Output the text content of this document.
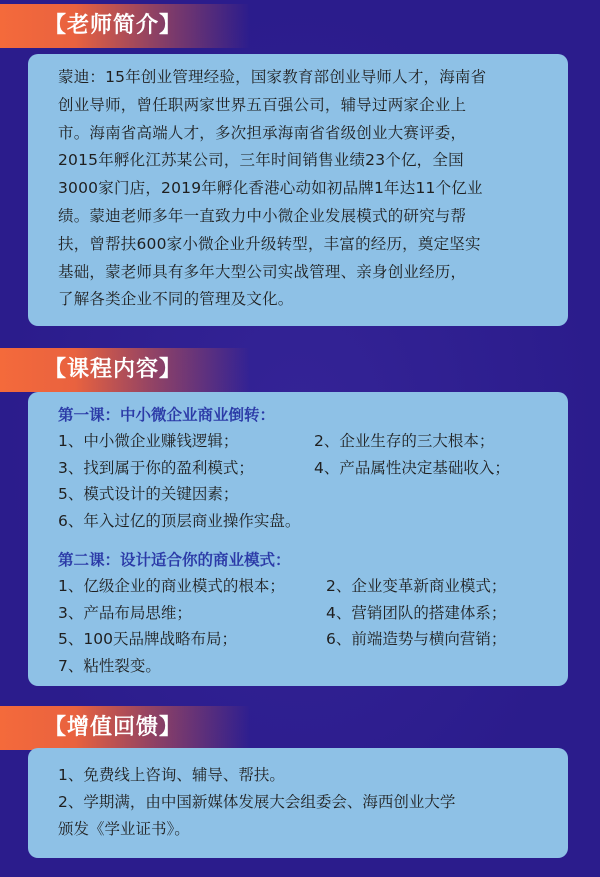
【老师简介】
蒙迪：15年创业管理经验，国家教育部创业导师人才，海南省
创业导师，曾任职两家世界五百强公司，辅导过两家企业上
市。海南省高端人才，多次担承海南省省级创业大赛评委，
2015年孵化江苏某公司，三年时间销售业绩23个亿，全国
3000家门店，2019年孵化香港心动如初品牌1年达11个亿业
绩。蒙迪老师多年一直致力中小微企业发展模式的研究与帮
扶，曾帮扶600家小微企业升级转型，丰富的经历，奠定坚实
基础，蒙老师具有多年大型公司实战管理、亲身创业经历，
了解各类企业不同的管理及文化。
【课程内容】
第一课：中小微企业商业倒转：
1、中小微企业赚钱逻辑；	2、企业生存的三大根本；
3、找到属于你的盈利模式；	4、产品属性决定基础收入；
5、模式设计的关键因素；
6、年入过亿的顶层商业操作实盘。
第二课：设计适合你的商业模式：
1、亿级企业的商业模式的根本；	2、企业变革新商业模式；
3、产品布局思维；	4、营销团队的搭建体系；
5、100天品牌战略布局；	6、前端造势与横向营销；
7、粘性裂变。
【增值回馈】
1、免费线上咨询、辅导、帮扶。
2、学期满，由中国新媒体发展大会组委会、海西创业大学
颁发《学业证书》。
